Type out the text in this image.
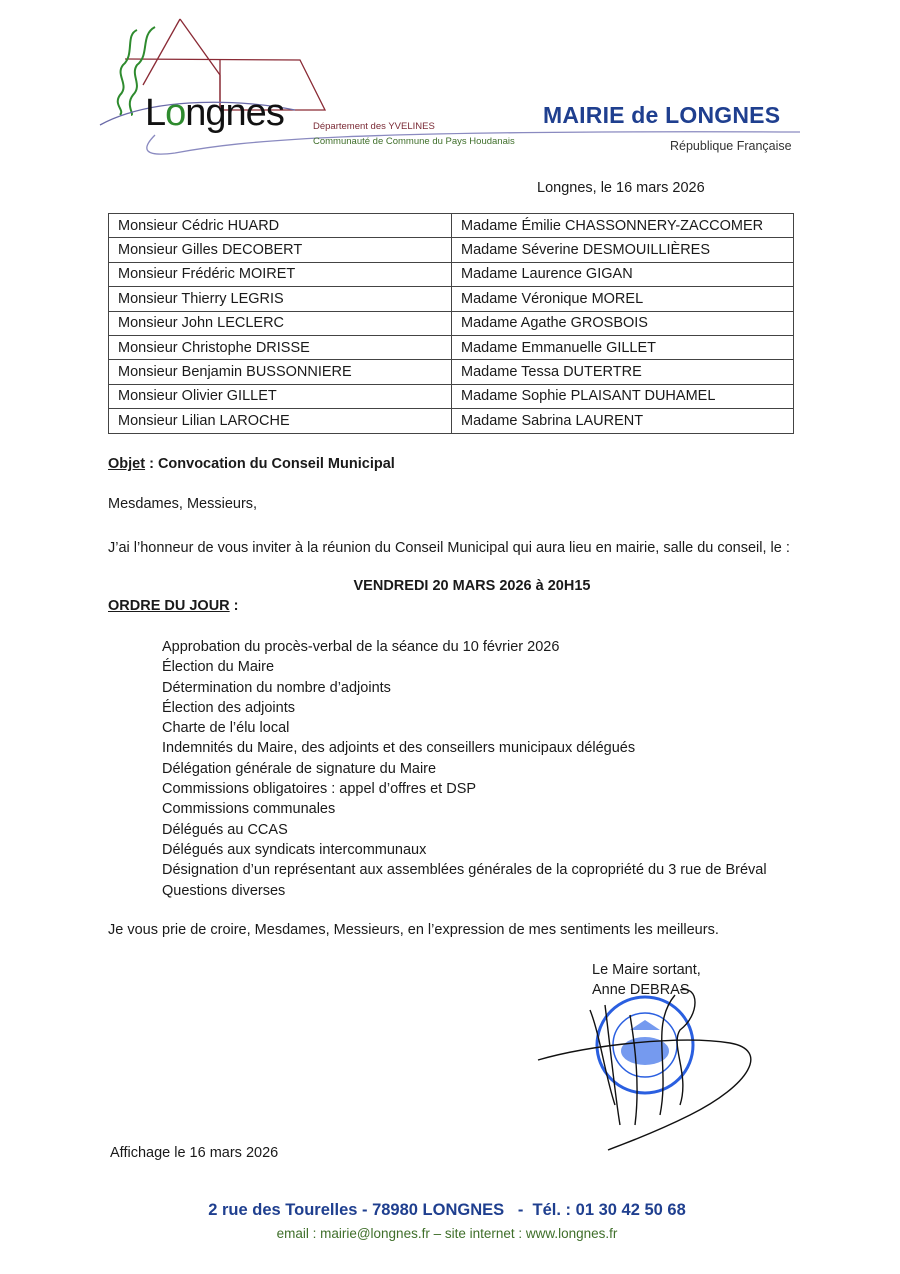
Longnes	Département des YVELINES
Communauté de Commune du Pays Houdanais
MAIRIE de LONGNES
République Française
Longnes, le 16 mars 2026
Monsieur Cédric HUARD	Madame Émilie CHASSONNERY-ZACCOMER
Monsieur Gilles DECOBERT	Madame Séverine DESMOUILLIÈRES
Monsieur Frédéric MOIRET	Madame Laurence GIGAN
Monsieur Thierry LEGRIS	Madame Véronique MOREL
Monsieur John LECLERC	Madame Agathe GROSBOIS
Monsieur Christophe DRISSE	Madame Emmanuelle GILLET
Monsieur Benjamin BUSSONNIERE	Madame Tessa DUTERTRE
Monsieur Olivier GILLET	Madame Sophie PLAISANT DUHAMEL
Monsieur Lilian LAROCHE	Madame Sabrina LAURENT
Objet : Convocation du Conseil Municipal
Mesdames, Messieurs,
J’ai l’honneur de vous inviter à la réunion du Conseil Municipal qui aura lieu en mairie, salle du conseil, le :
VENDREDI 20 MARS 2026 à 20H15
ORDRE DU JOUR :
Approbation du procès-verbal de la séance du 10 février 2026
Élection du Maire
Détermination du nombre d’adjoints
Élection des adjoints
Charte de l’élu local
Indemnités du Maire, des adjoints et des conseillers municipaux délégués
Délégation générale de signature du Maire
Commissions obligatoires : appel d’offres et DSP
Commissions communales
Délégués au CCAS
Délégués aux syndicats intercommunaux
Désignation d’un représentant aux assemblées générales de la copropriété du 3 rue de Bréval
Questions diverses
Je vous prie de croire, Mesdames, Messieurs, en l’expression de mes sentiments les meilleurs.
Le Maire sortant,
Anne DEBRAS
Affichage le 16 mars 2026
2 rue des Tourelles - 78980 LONGNES   -  Tél. : 01 30 42 50 68
email : mairie@longnes.fr – site internet : www.longnes.fr
